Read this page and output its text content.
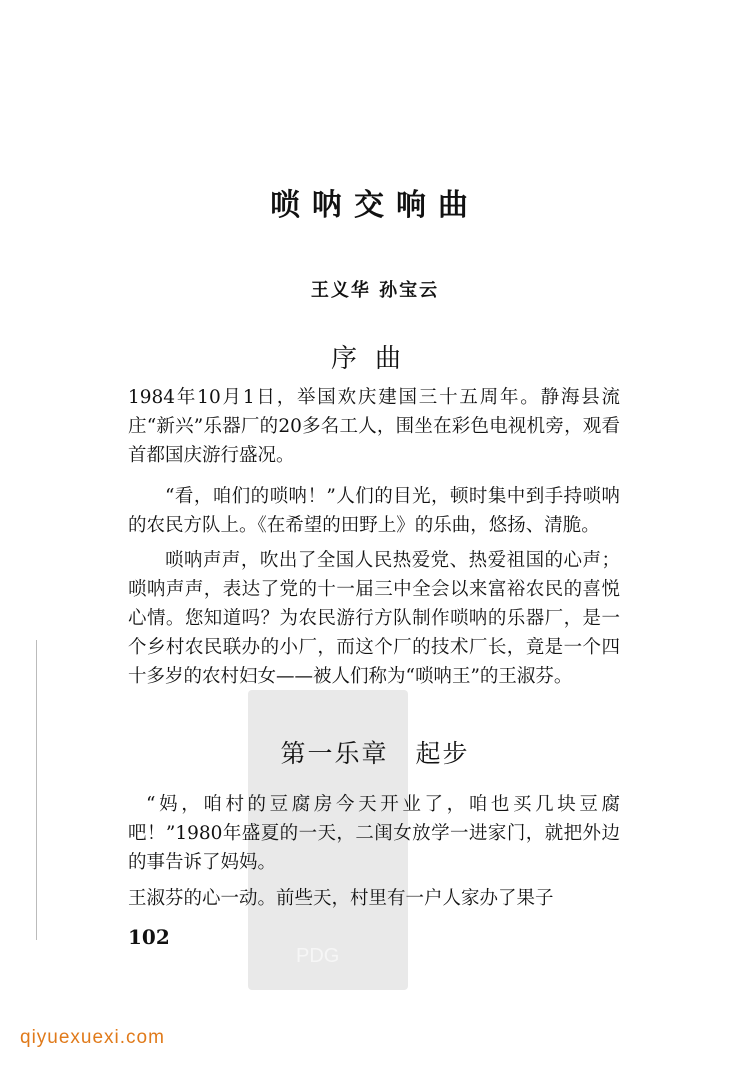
PDG
唢呐交响曲
王义华 孙宝云
序曲

1984年10月1日，举国欢庆建国三十五周年。静海县流庄“新兴”乐器厂的20多名工人，围坐在彩色电视机旁，观看首都国庆游行盛况。

“看，咱们的唢呐！”人们的目光，顿时集中到手持唢呐的农民方队上。《在希望的田野上》的乐曲，悠扬、清脆。

唢呐声声，吹出了全国人民热爱党、热爱祖国的心声；唢呐声声，表达了党的十一届三中全会以来富裕农民的喜悦心情。您知道吗？为农民游行方队制作唢呐的乐器厂，是一个乡村农民联办的小厂，而这个厂的技术厂长，竟是一个四十多岁的农村妇女——被人们称为“唢呐王”的王淑芬。

第一乐章　起步

“妈，咱村的豆腐房今天开业了，咱也买几块豆腐吧！”1980年盛夏的一天，二闺女放学一进家门，就把外边的事告诉了妈妈。

王淑芬的心一动。前些天，村里有一户人家办了果子

102
qiyuexuexi.com
